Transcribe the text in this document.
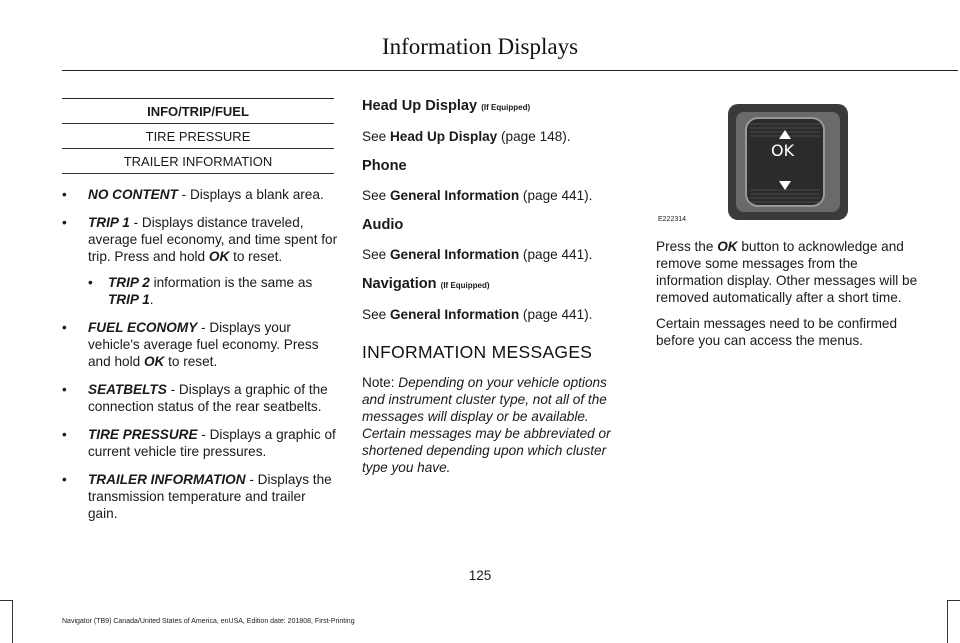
Information Displays
INFO/TRIP/FUEL
TIRE PRESSURE
TRAILER INFORMATION
• NO CONTENT - Displays a blank area.
• TRIP 1 - Displays distance traveled, average fuel economy, and time spent for trip. Press and hold OK to reset.
• TRIP 2 information is the same as TRIP 1.
• FUEL ECONOMY - Displays your vehicle's average fuel economy. Press and hold OK to reset.
• SEATBELTS - Displays a graphic of the connection status of the rear seatbelts.
• TIRE PRESSURE - Displays a graphic of current vehicle tire pressures.
• TRAILER INFORMATION - Displays the transmission temperature and trailer gain.

Head Up Display (If Equipped)

See Head Up Display (page 148).

Phone

See General Information (page 441).

Audio

See General Information (page 441).

Navigation (If Equipped)

See General Information (page 441).

INFORMATION MESSAGES

Note: Depending on your vehicle options and instrument cluster type, not all of the messages will display or be available. Certain messages may be abbreviated or shortened depending upon which cluster type you have.

OK
E222314

Press the OK button to acknowledge and remove some messages from the information display. Other messages will be removed automatically after a short time.

Certain messages need to be confirmed before you can access the menus.

125
Navigator (TB9) Canada/United States of America, enUSA, Edition date: 201808, First-Printing
